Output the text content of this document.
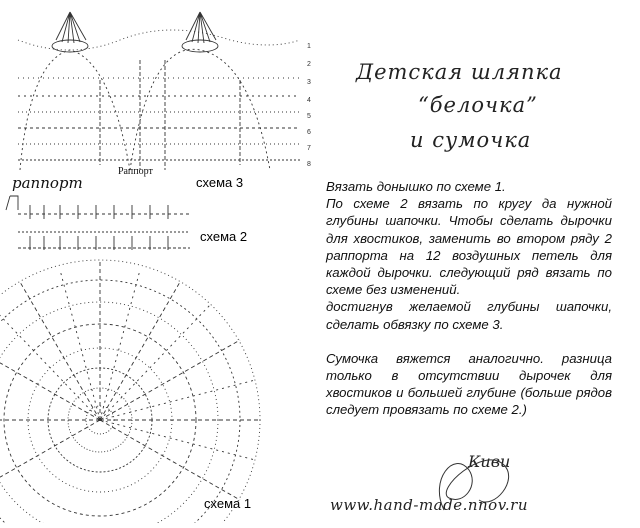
раппорт
Раппорт
1
2
3
4
5
6
7
8
схема 3
схема 2
схема 1
Детская шляпка
“белочка”
и сумочка

Вязать донышко по схеме 1.

По схеме 2 вязать по кругу да нужной глубины шапочки. Чтобы сделать дырочки для хвостиков, заменить во втором ряду 2 раппорта на 12 воздушных петель для каждой дырочки. следующий ряд вязать по схеме без изменений.

достигнув желаемой глубины шапочки, сделать обвязку по схеме 3.

Сумочка вяжется аналогично. разница только в отсутствии дырочек для хвостиков и большей глубине (больше рядов следует провязать по схеме 2.)

Киви
www.hand-made.nnov.ru
